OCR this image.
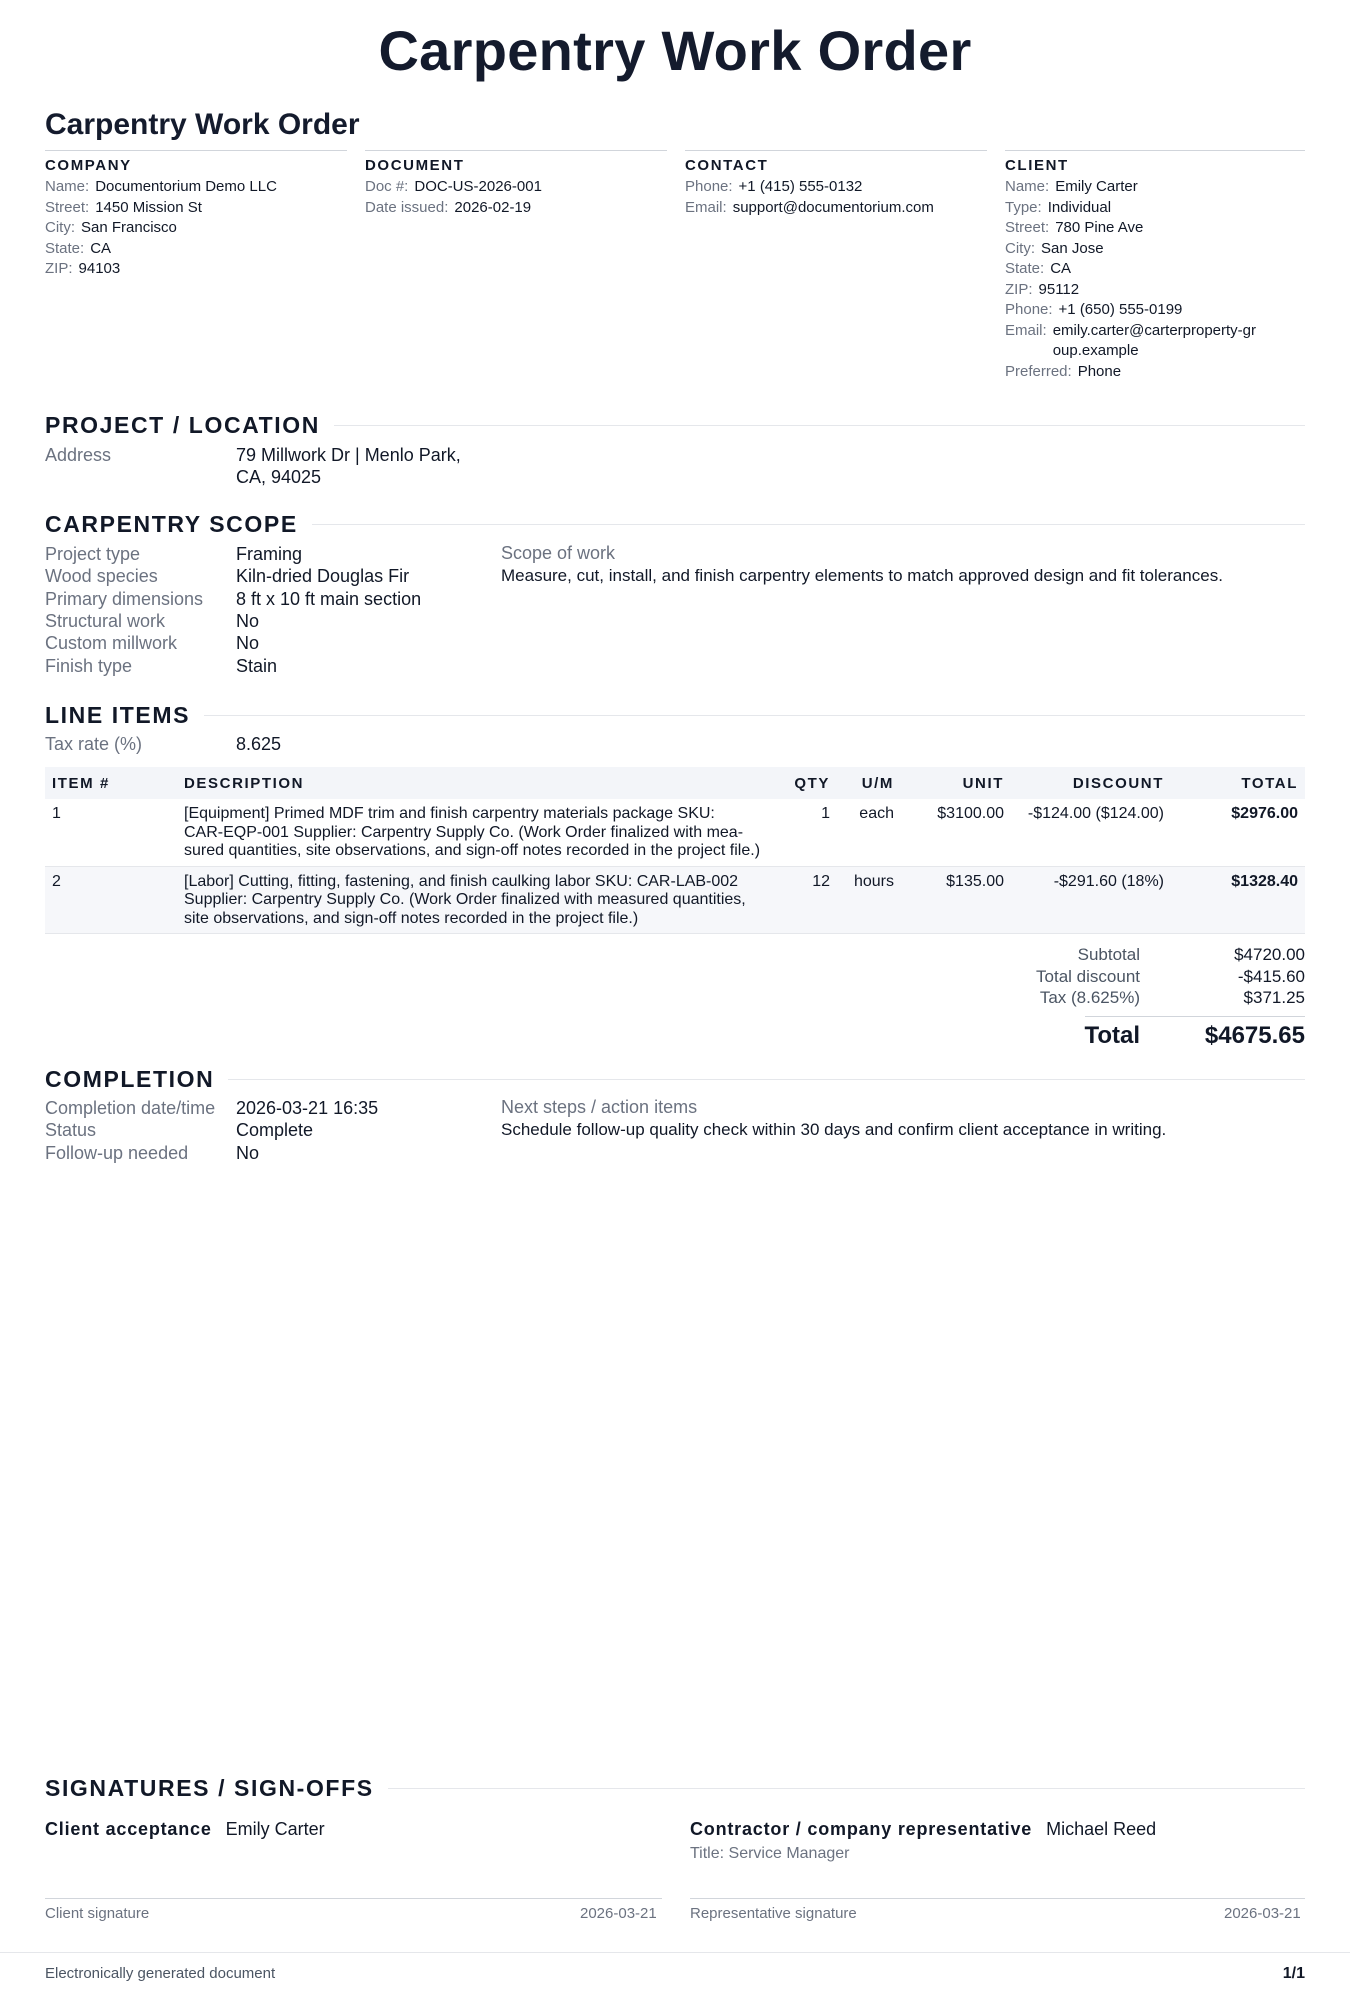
Carpentry Work Order
Carpentry Work Order
COMPANY
Name: Documentorium Demo LLC
Street: 1450 Mission St
City: San Francisco
State: CA
ZIP: 94103
DOCUMENT
Doc #: DOC-US-2026-001
Date issued: 2026-02-19
CONTACT
Phone: +1 (415) 555-0132
Email: support@documentorium.com
CLIENT
Name: Emily Carter
Type: Individual
Street: 780 Pine Ave
City: San Jose
State: CA
ZIP: 95112
Phone: +1 (650) 555-0199
Email: emily.carter@carterproperty-group.example
Preferred: Phone
PROJECT / LOCATION
Address	79 Millwork Dr | Menlo Park,
CA, 94025
CARPENTRY SCOPE
Project type	Framing
Wood species	Kiln-dried Douglas Fir
Primary dimensions	8 ft x 10 ft main section
Structural work	No
Custom millwork	No
Finish type	Stain
Scope of work
Measure, cut, install, and finish carpentry elements to match approved design and fit tolerances.
LINE ITEMS
Tax rate (%)	8.625
ITEM #	DESCRIPTION	QTY	U/M	UNIT	DISCOUNT	TOTAL
1	[Equipment] Primed MDF trim and finish carpentry materials package SKU:
CAR-EQP-001 Supplier: Carpentry Supply Co. (Work Order finalized with mea-
sured quantities, site observations, and sign-off notes recorded in the project file.)	1	each	$3100.00	-$124.00 ($124.00)	$2976.00
2	[Labor] Cutting, fitting, fastening, and finish caulking labor SKU: CAR-LAB-002
Supplier: Carpentry Supply Co. (Work Order finalized with measured quantities,
site observations, and sign-off notes recorded in the project file.)	12	hours	$135.00	-$291.60 (18%)	$1328.40
Subtotal	$4720.00
Total discount	-$415.60
Tax (8.625%)	$371.25
Total	$4675.65
COMPLETION
Completion date/time	2026-03-21 16:35
Status	Complete
Follow-up needed	No
Next steps / action items
Schedule follow-up quality check within 30 days and confirm client acceptance in writing.
SIGNATURES / SIGN-OFFS
Client acceptance Emily Carter	Contractor / company representative Michael Reed
Title: Service Manager
Client signature	2026-03-21 Representative signature	2026-03-21
Electronically generated document	1/1
